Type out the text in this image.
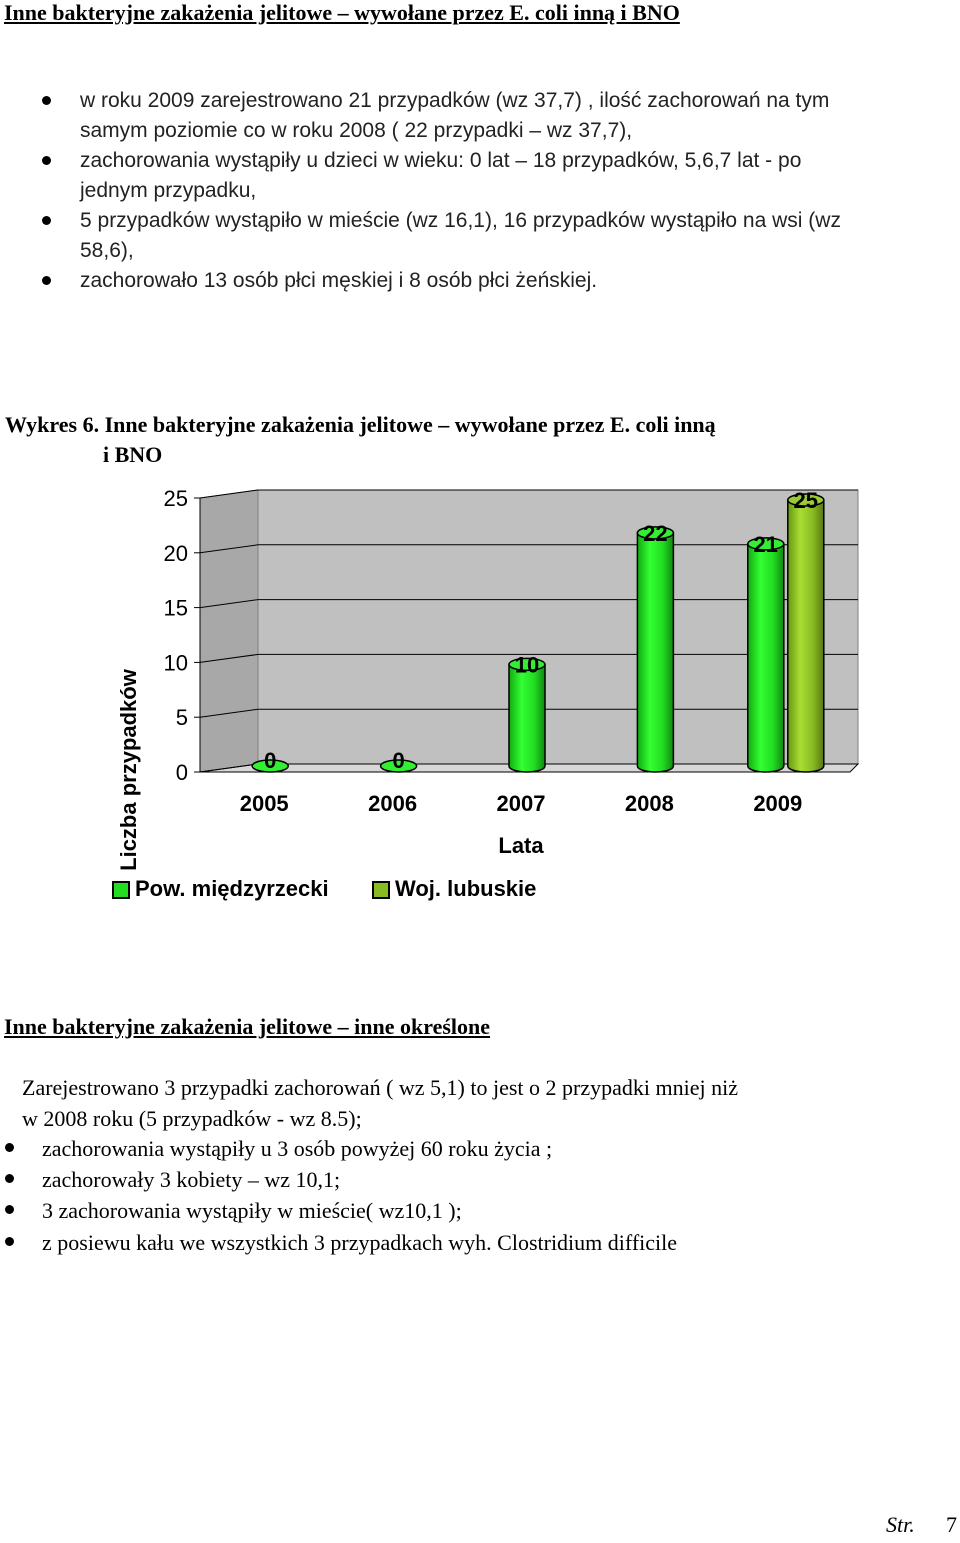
Inne bakteryjne zakażenia jelitowe – wywołane przez E. coli inną i BNO
w roku 2009 zarejestrowano 21 przypadków (wz 37,7) , ilość zachorowań na tym
samym poziomie co w roku 2008 ( 22 przypadki – wz 37,7),
zachorowania wystąpiły u dzieci w wieku: 0 lat – 18 przypadków, 5,6,7 lat - po
jednym przypadku,
5 przypadków wystąpiło w mieście (wz 16,1), 16 przypadków wystąpiło na wsi (wz
58,6),
zachorowało 13 osób płci męskiej i 8 osób płci żeńskiej.
Wykres 6. Inne bakteryjne zakażenia jelitowe – wywołane przez E. coli inną
i BNO
0
5
10
15
20
25
2005	2006	2007	2008	2009
0	0
10
22	21
25
Liczba przypadków	Lata
Pow. międzyrzecki	Woj. lubuskie
Inne bakteryjne zakażenia jelitowe – inne określone
Zarejestrowano 3 przypadki zachorowań ( wz 5,1) to jest o 2 przypadki mniej niż
w 2008 roku (5 przypadków - wz 8.5);
zachorowania wystąpiły u 3 osób powyżej 60 roku życia ;
zachorowały 3 kobiety – wz 10,1;
3 zachorowania wystąpiły w mieście( wz10,1 );
z posiewu kału we wszystkich 3 przypadkach wyh. Clostridium difficile
Str. 7
